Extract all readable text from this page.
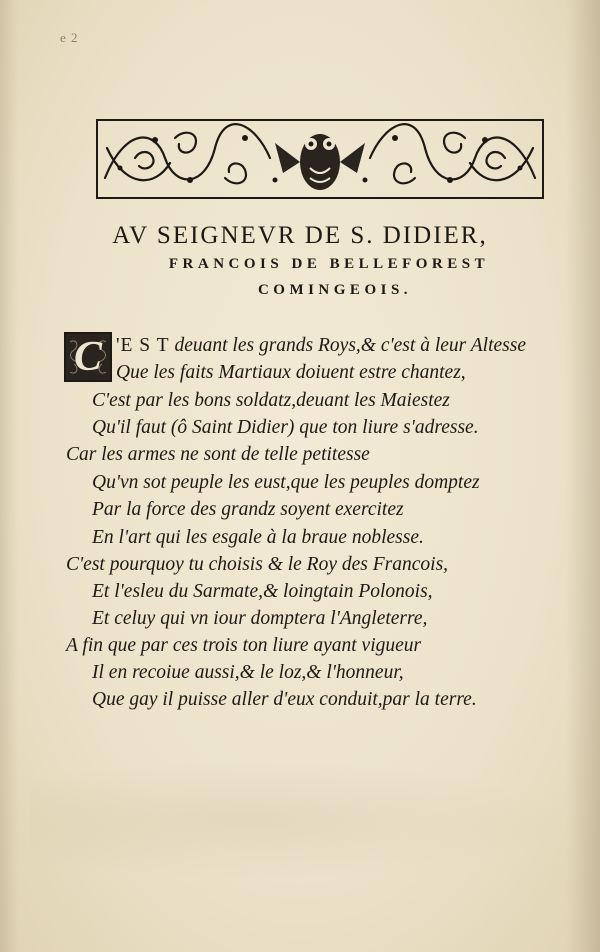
e 2
AV SEIGNEVR DE S. DIDIER,
FRANCOIS DE BELLEFOREST
COMINGEOIS.
C 'E S T deuant les grands Roys,& c'est à leur Altesse
Que les faits Martiaux doiuent estre chantez,
C'est par les bons soldatz,deuant les Maiestez
Qu'il faut (ô Saint Didier) que ton liure s'adresse.
Car les armes ne sont de telle petitesse
Qu'vn sot peuple les eust,que les peuples domptez
Par la force des grandz soyent exercitez
En l'art qui les esgale à la braue noblesse.
C'est pourquoy tu choisis & le Roy des Francois,
Et l'esleu du Sarmate,& loingtain Polonois,
Et celuy qui vn iour domptera l'Angleterre,
A fin que par ces trois ton liure ayant vigueur
Il en recoiue aussi,& le loz,& l'honneur,
Que gay il puisse aller d'eux conduit,par la terre.
